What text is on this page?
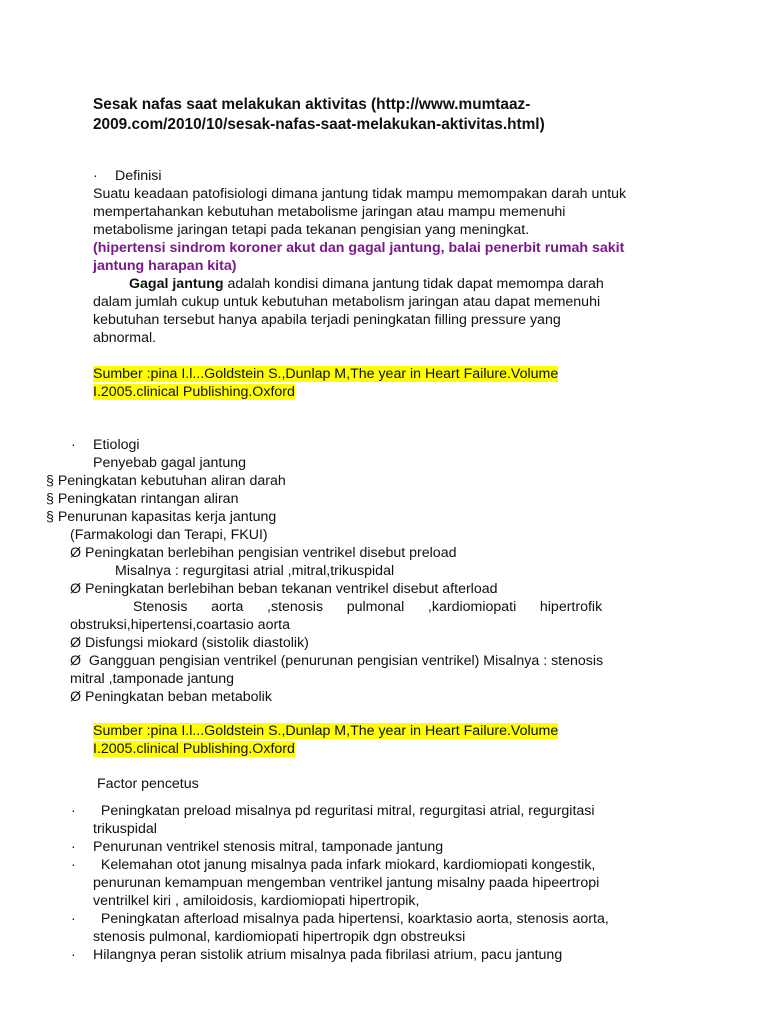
Sesak nafas saat melakukan aktivitas (http://www.mumtaaz-
2009.com/2010/10/sesak-nafas-saat-melakukan-aktivitas.html)
· Definisi
Suatu keadaan patofisiologi dimana jantung tidak mampu memompakan darah untuk
mempertahankan kebutuhan metabolisme jaringan atau mampu memenuhi
metabolisme jaringan tetapi pada tekanan pengisian yang meningkat.
(hipertensi sindrom koroner akut dan gagal jantung, balai penerbit rumah sakit
jantung harapan kita)
Gagal jantung adalah kondisi dimana jantung tidak dapat memompa darah
dalam jumlah cukup untuk kebutuhan metabolism jaringan atau dapat memenuhi
kebutuhan tersebut hanya apabila terjadi peningkatan filling pressure yang
abnormal.
Sumber :pina I.l...Goldstein S.,Dunlap M,The year in Heart Failure.Volume
I.2005.clinical Publishing.Oxford
· Etiologi
Penyebab gagal jantung
§ Peningkatan kebutuhan aliran darah
§ Peningkatan rintangan aliran
§ Penurunan kapasitas kerja jantung
(Farmakologi dan Terapi, FKUI)
Ø Peningkatan berlebihan pengisian ventrikel disebut preload
Misalnya : regurgitasi atrial ,mitral,trikuspidal
Ø Peningkatan berlebihan beban tekanan ventrikel disebut afterload
Stenosis      aorta      ,stenosis      pulmonal      ,kardiomiopati      hipertrofik
obstruksi,hipertensi,coartasio aorta
Ø Disfungsi miokard (sistolik diastolik)
Ø  Gangguan pengisian ventrikel (penurunan pengisian ventrikel) Misalnya : stenosis
mitral ,tamponade jantung
Ø Peningkatan beban metabolik
Sumber :pina I.l...Goldstein S.,Dunlap M,The year in Heart Failure.Volume
I.2005.clinical Publishing.Oxford
Factor pencetus
·  Peningkatan preload misalnya pd reguritasi mitral, regurgitasi atrial, regurgitasi
trikuspidal
· Penurunan ventrikel stenosis mitral, tamponade jantung
·  Kelemahan otot janung misalnya pada infark miokard, kardiomiopati kongestik,
penurunan kemampuan mengemban ventrikel jantung misalny paada hipeertropi
ventrilkel kiri , amiloidosis, kardiomiopati hipertropik,
·  Peningkatan afterload misalnya pada hipertensi, koarktasio aorta, stenosis aorta,
stenosis pulmonal, kardiomiopati hipertropik dgn obstreuksi
· Hilangnya peran sistolik atrium misalnya pada fibrilasi atrium, pacu jantung
